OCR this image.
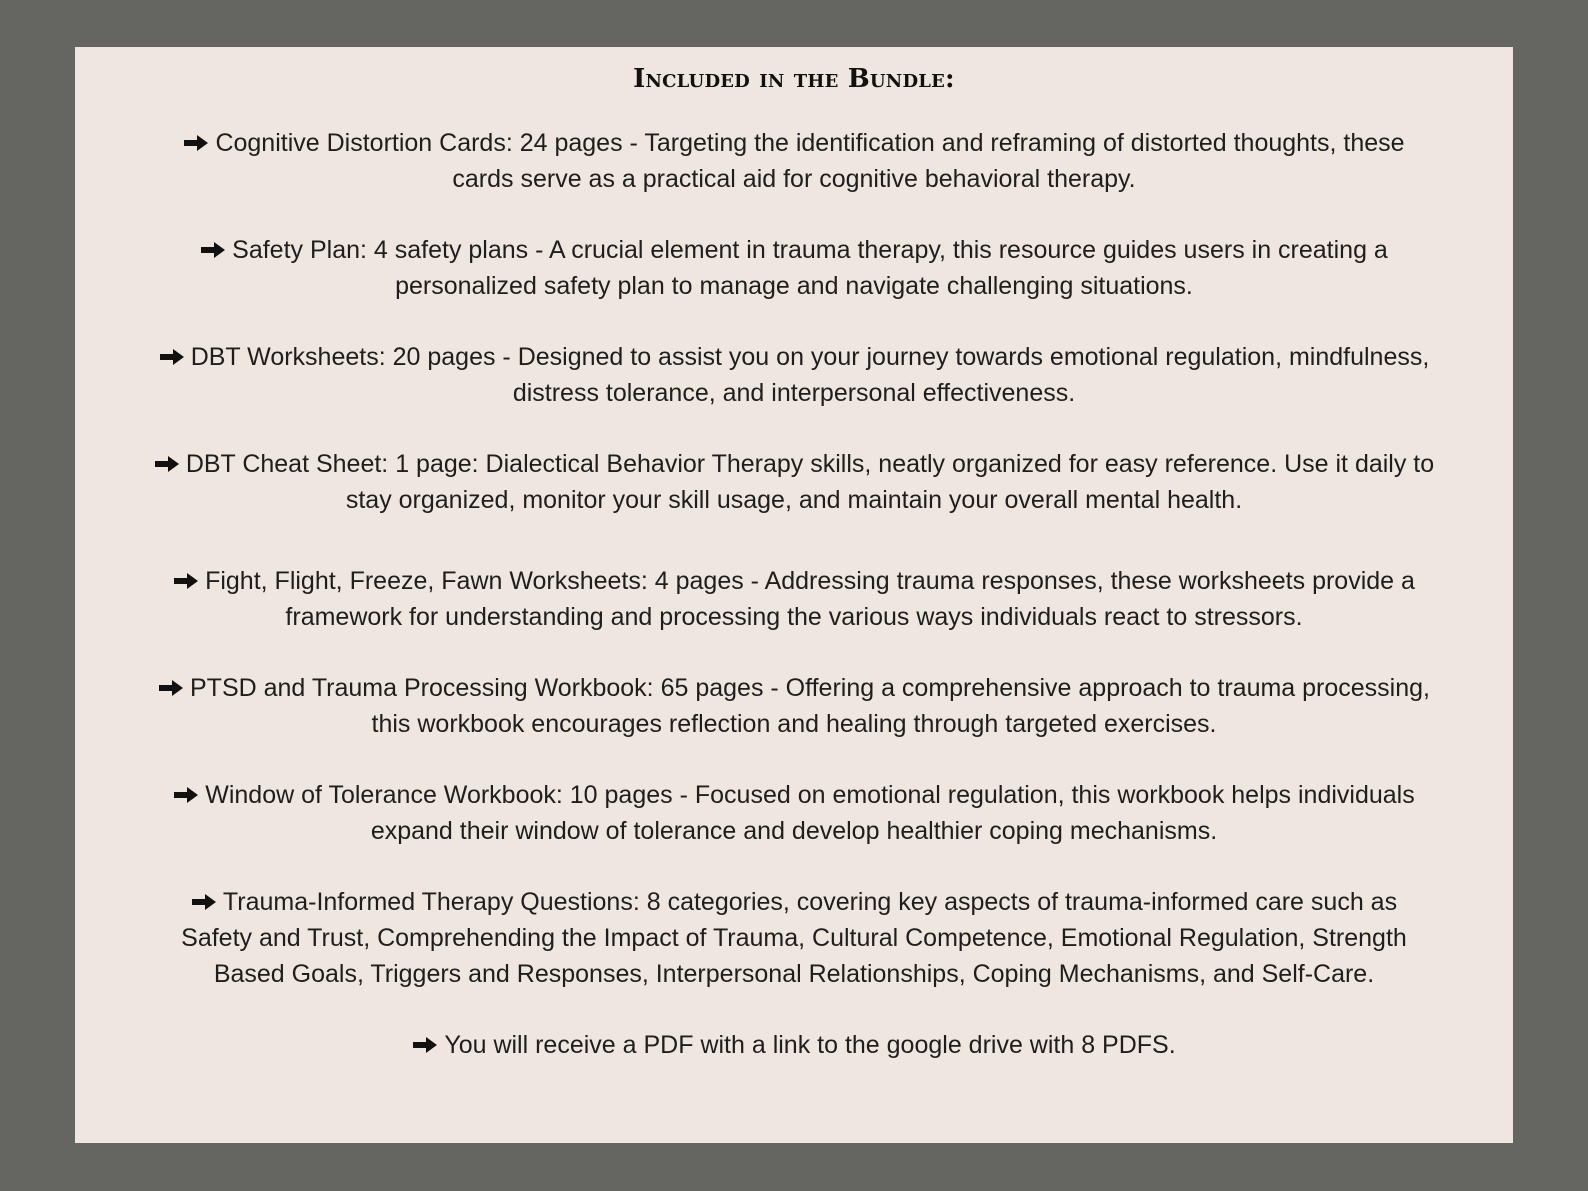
Included in the Bundle:
Cognitive Distortion Cards: 24 pages - Targeting the identification and reframing of distorted thoughts, these cards serve as a practical aid for cognitive behavioral therapy.
Safety Plan: 4 safety plans - A crucial element in trauma therapy, this resource guides users in creating a personalized safety plan to manage and navigate challenging situations.
DBT Worksheets: 20 pages - Designed to assist you on your journey towards emotional regulation, mindfulness, distress tolerance, and interpersonal effectiveness.
DBT Cheat Sheet: 1 page: Dialectical Behavior Therapy skills, neatly organized for easy reference. Use it daily to stay organized, monitor your skill usage, and maintain your overall mental health.
Fight, Flight, Freeze, Fawn Worksheets: 4 pages - Addressing trauma responses, these worksheets provide a framework for understanding and processing the various ways individuals react to stressors.
PTSD and Trauma Processing Workbook: 65 pages - Offering a comprehensive approach to trauma processing, this workbook encourages reflection and healing through targeted exercises.
Window of Tolerance Workbook: 10 pages - Focused on emotional regulation, this workbook helps individuals expand their window of tolerance and develop healthier coping mechanisms.
Trauma-Informed Therapy Questions: 8 categories, covering key aspects of trauma-informed care such as Safety and Trust, Comprehending the Impact of Trauma, Cultural Competence, Emotional Regulation, Strength Based Goals, Triggers and Responses, Interpersonal Relationships, Coping Mechanisms, and Self-Care.
You will receive a PDF with a link to the google drive with 8 PDFS.
